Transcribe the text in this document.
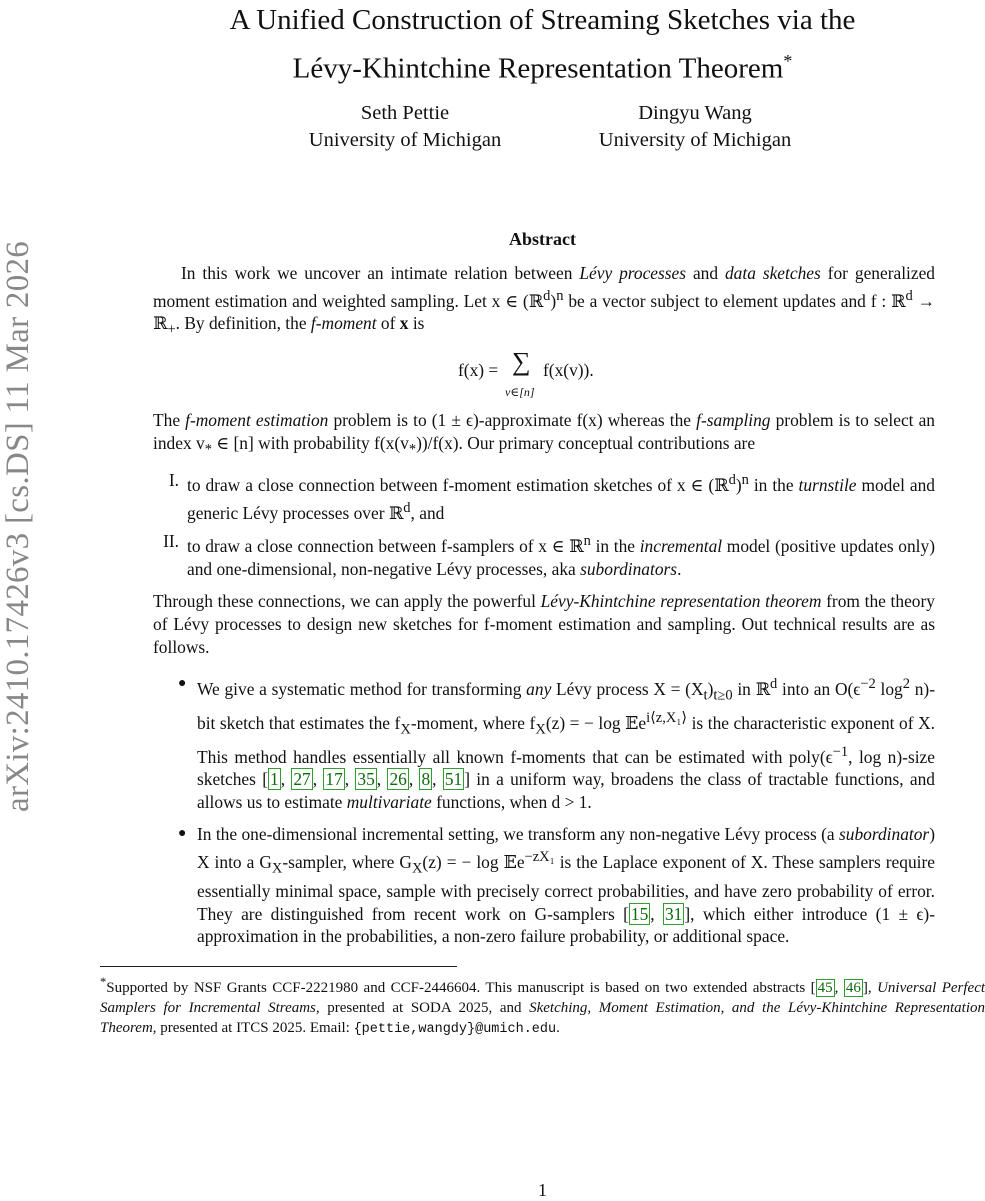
arXiv:2410.17426v3 [cs.DS] 11 Mar 2026
A Unified Construction of Streaming Sketches via the
Lévy-Khintchine Representation Theorem*
Seth Pettie
University of Michigan
Dingyu Wang
University of Michigan
Abstract

In this work we uncover an intimate relation between Lévy processes and data sketches for generalized moment estimation and weighted sampling. Let x ∈ (ℝ$^d$)$^n$ be a vector subject to element updates and f : ℝ$^d$ → ℝ$_+$. By definition, the f-moment of x is

f(x) = ∑
v∈[n]
f(x(v)).

The f-moment estimation problem is to (1 ± ϵ)-approximate f(x) whereas the f-sampling problem is to select an index $v_*$ ∈ [n] with probability $f(x(v_*))/f(x)$. Our primary conceptual contributions are

I. to draw a close connection between f-moment estimation sketches of x ∈ (ℝ$^d$)$^n$ in the turnstile model and generic Lévy processes over ℝ$^d$, and
II. to draw a close connection between f-samplers of x ∈ ℝ$^n$ in the incremental model (positive updates only) and one-dimensional, non-negative Lévy processes, aka subordinators.

Through these connections, we can apply the powerful Lévy-Khintchine representation theorem from the theory of Lévy processes to design new sketches for f-moment estimation and sampling. Out technical results are as follows.

● We give a systematic method for transforming any Lévy process $X = (X_t)_{t\ge 0}$ in ℝ$^d$ into an $O(\epsilon^{-2}$ $\log^2 n)-bit$ sketch that estimates the $f_X$-moment, where $f_X(z)$ = − log 𝔼e$^{i⟨z,X_1⟩}$ is the characteristic exponent of X. This method handles essentially all known f-moments that can be estimated with $poly(\epsilon^{-1}$, log n)-size sketches [ 1 , 27 , 17 , 35 , 26 , 8 , 51 ] in a uniform way, broadens the class of tractable functions, and allows us to estimate multivariate functions, when d > 1.
● In the one-dimensional incremental setting, we transform any non-negative Lévy process (a subordinator) X into a $G_X$-sampler, where $G_X(z)$ = − log 𝔼e$^{-zX_1}$ is the Laplace exponent of X. These samplers require essentially minimal space, sample with precisely correct probabilities, and have zero probability of error. They are distinguished from recent work on G-samplers [ 15 , 31 ], which either introduce (1 ± ϵ)-approximation in the probabilities, a non-zero failure probability, or additional space.
*Supported by NSF Grants CCF-2221980 and CCF-2446604. This manuscript is based on two extended abstracts [ 45 , 46 ], Universal Perfect Samplers for Incremental Streams, presented at SODA 2025, and Sketching, Moment Estimation, and the Lévy-Khintchine Representation Theorem, presented at ITCS 2025. Email: {pettie,wangdy}@umich.edu.
1
